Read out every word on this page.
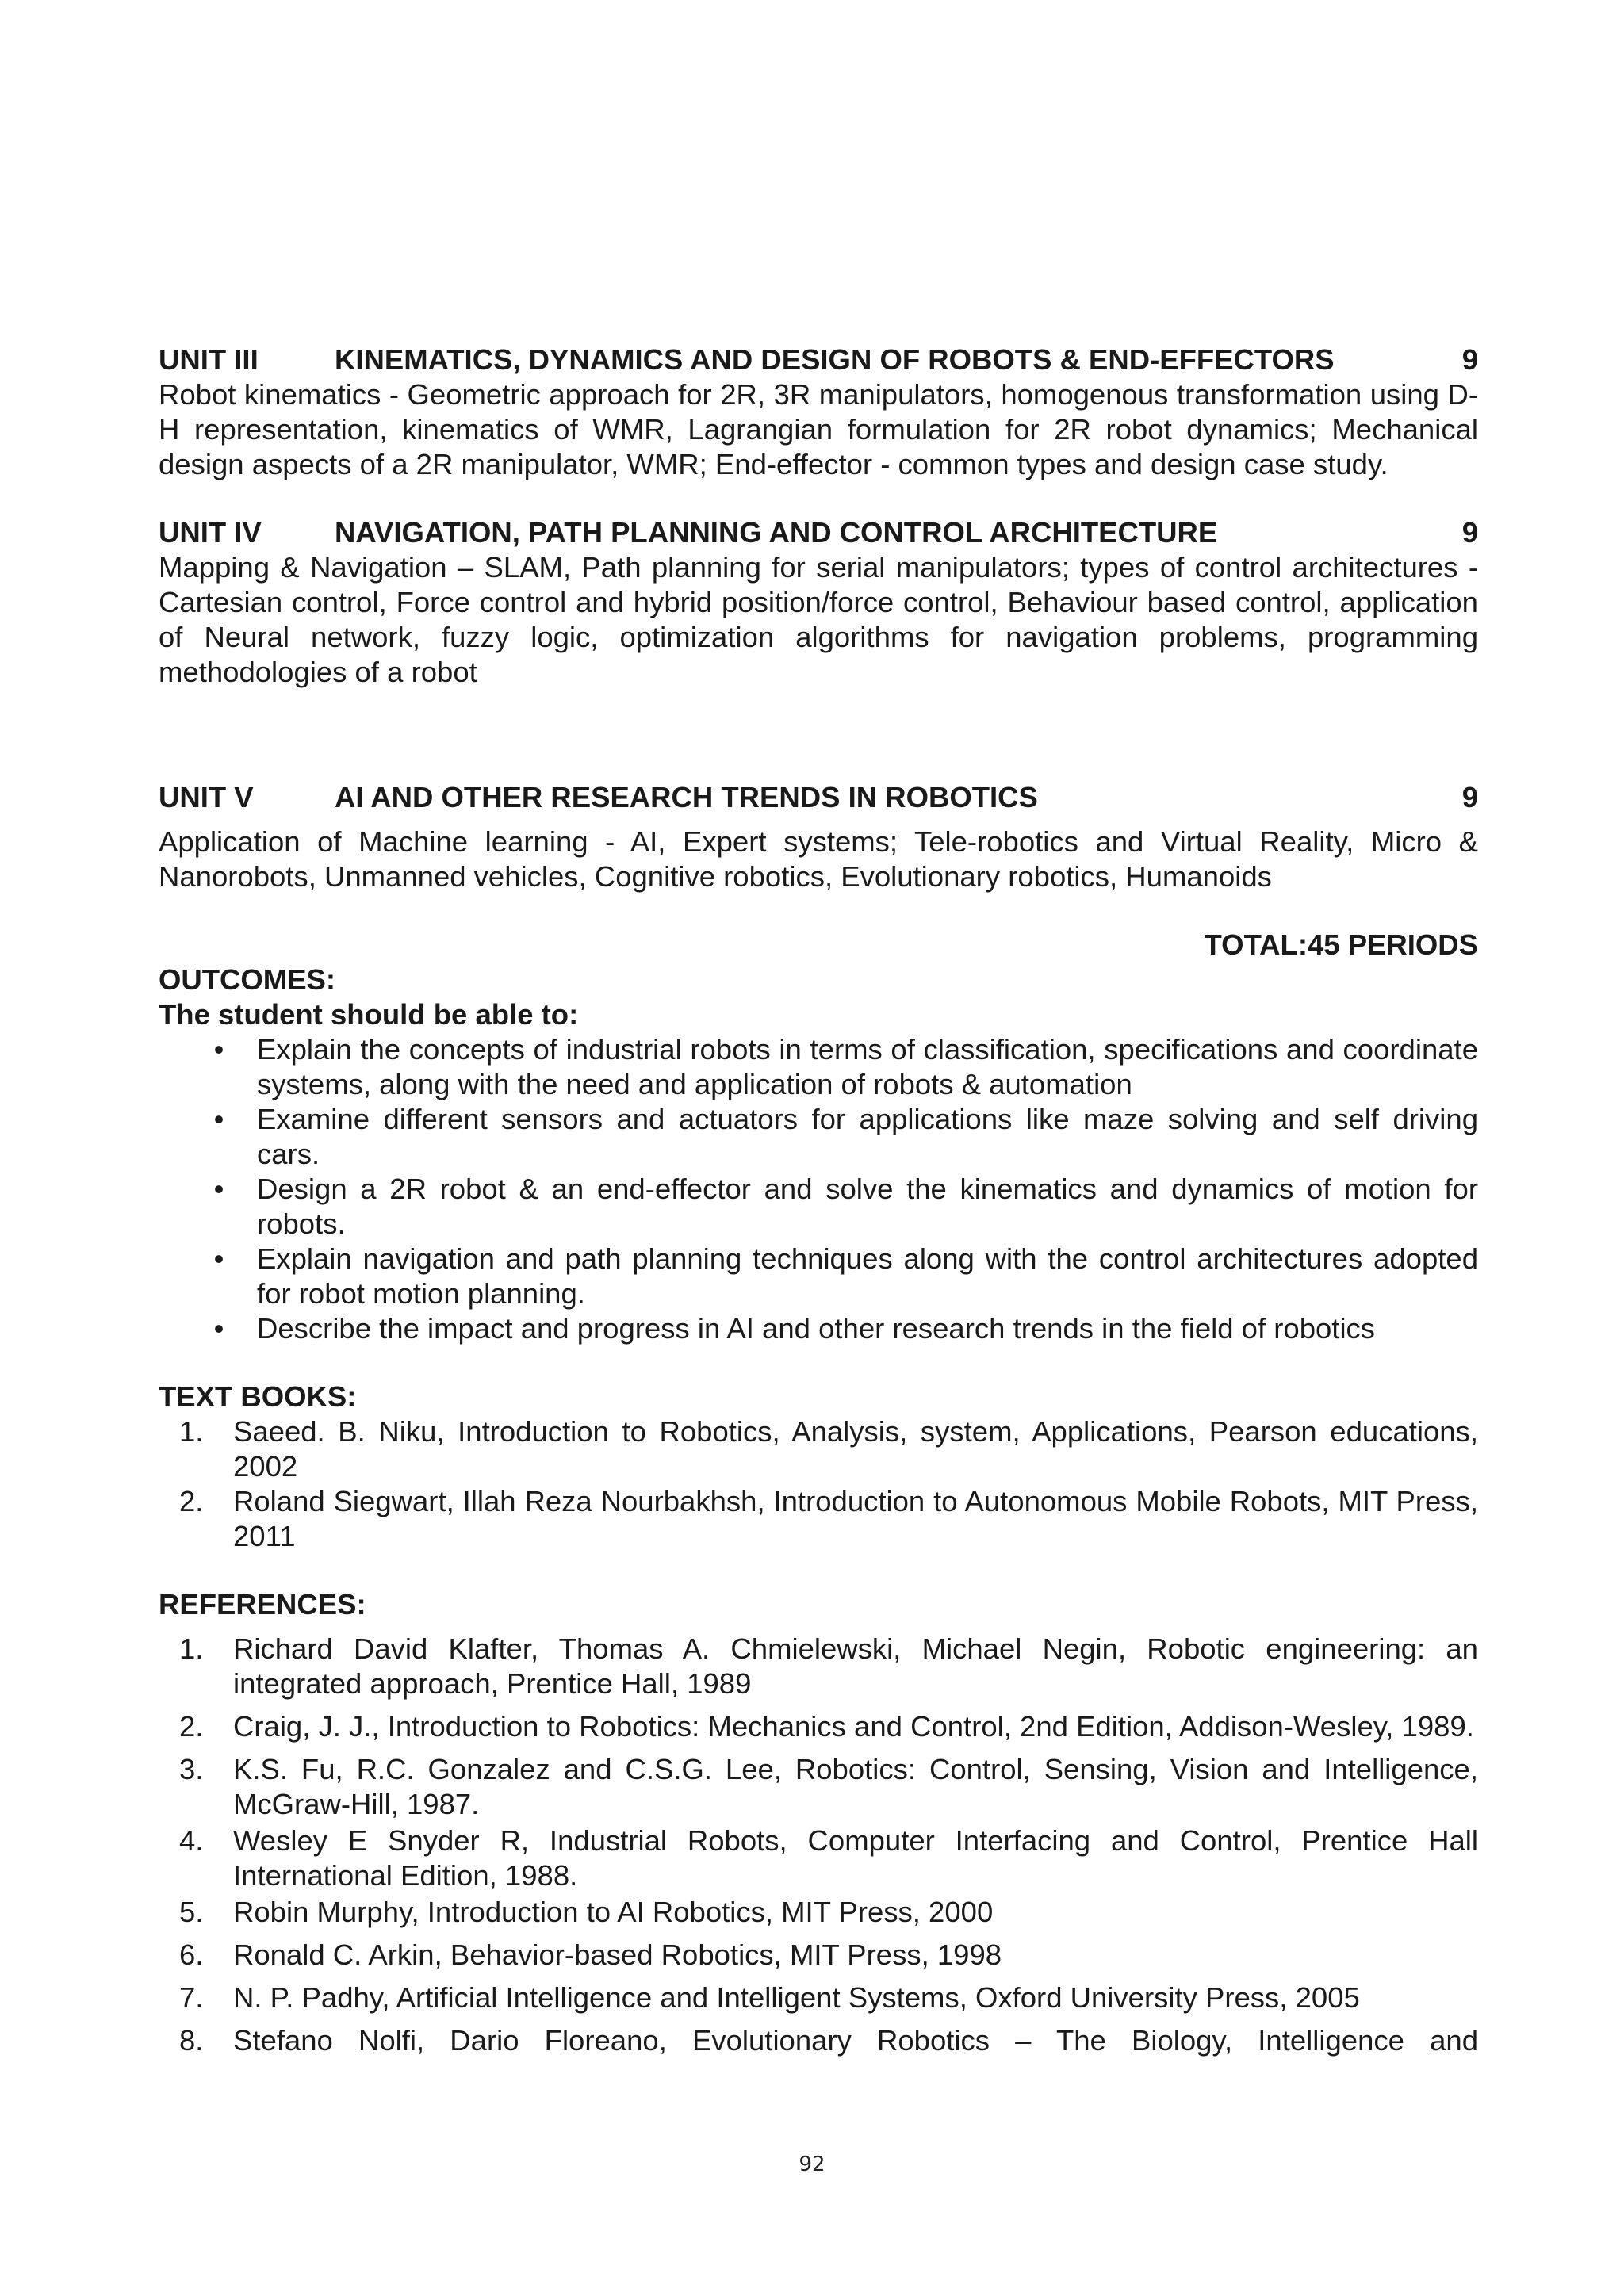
UNIT III	KINEMATICS, DYNAMICS AND DESIGN OF ROBOTS & END-EFFECTORS	9

Robot kinematics - Geometric approach for 2R, 3R manipulators, homogenous transformation using D-H representation, kinematics of WMR, Lagrangian formulation for 2R robot dynamics; Mechanical design aspects of a 2R manipulator, WMR; End-effector - common types and design case study.

UNIT IV	NAVIGATION, PATH PLANNING AND CONTROL ARCHITECTURE	9

Mapping & Navigation – SLAM, Path planning for serial manipulators; types of control architectures - Cartesian control, Force control and hybrid position/force control, Behaviour based control, application of Neural network, fuzzy logic, optimization algorithms for navigation problems, programming methodologies of a robot

UNIT V	AI AND OTHER RESEARCH TRENDS IN ROBOTICS	9

Application of Machine learning - AI, Expert systems; Tele-robotics and Virtual Reality, Micro & Nanorobots, Unmanned vehicles, Cognitive robotics, Evolutionary robotics, Humanoids

TOTAL:45 PERIODS

OUTCOMES:

The student should be able to:

• Explain the concepts of industrial robots in terms of classification, specifications and coordinate systems, along with the need and application of robots & automation
• Examine different sensors and actuators for applications like maze solving and self driving cars.
• Design a 2R robot & an end-effector and solve the kinematics and dynamics of motion for robots.
• Explain navigation and path planning techniques along with the control architectures adopted for robot motion planning.
• Describe the impact and progress in AI and other research trends in the field of robotics

TEXT BOOKS:

1.	Saeed. B. Niku, Introduction to Robotics, Analysis, system, Applications, Pearson educations, 2002
2.	Roland Siegwart, Illah Reza Nourbakhsh, Introduction to Autonomous Mobile Robots, MIT Press, 2011

REFERENCES:

1.	Richard David Klafter, Thomas A. Chmielewski, Michael Negin, Robotic engineering: an integrated approach, Prentice Hall, 1989
2.	Craig, J. J., Introduction to Robotics: Mechanics and Control, 2nd Edition, Addison-Wesley, 1989.
3.	K.S. Fu, R.C. Gonzalez and C.S.G. Lee, Robotics: Control, Sensing, Vision and Intelligence, McGraw-Hill, 1987.
4.	Wesley E Snyder R, Industrial Robots, Computer Interfacing and Control, Prentice Hall International Edition, 1988.
5.	Robin Murphy, Introduction to AI Robotics, MIT Press, 2000
6.	Ronald C. Arkin, Behavior-based Robotics, MIT Press, 1998
7.	N. P. Padhy, Artificial Intelligence and Intelligent Systems, Oxford University Press, 2005
8.	Stefano Nolfi, Dario Floreano, Evolutionary Robotics – The Biology, Intelligence and
92
